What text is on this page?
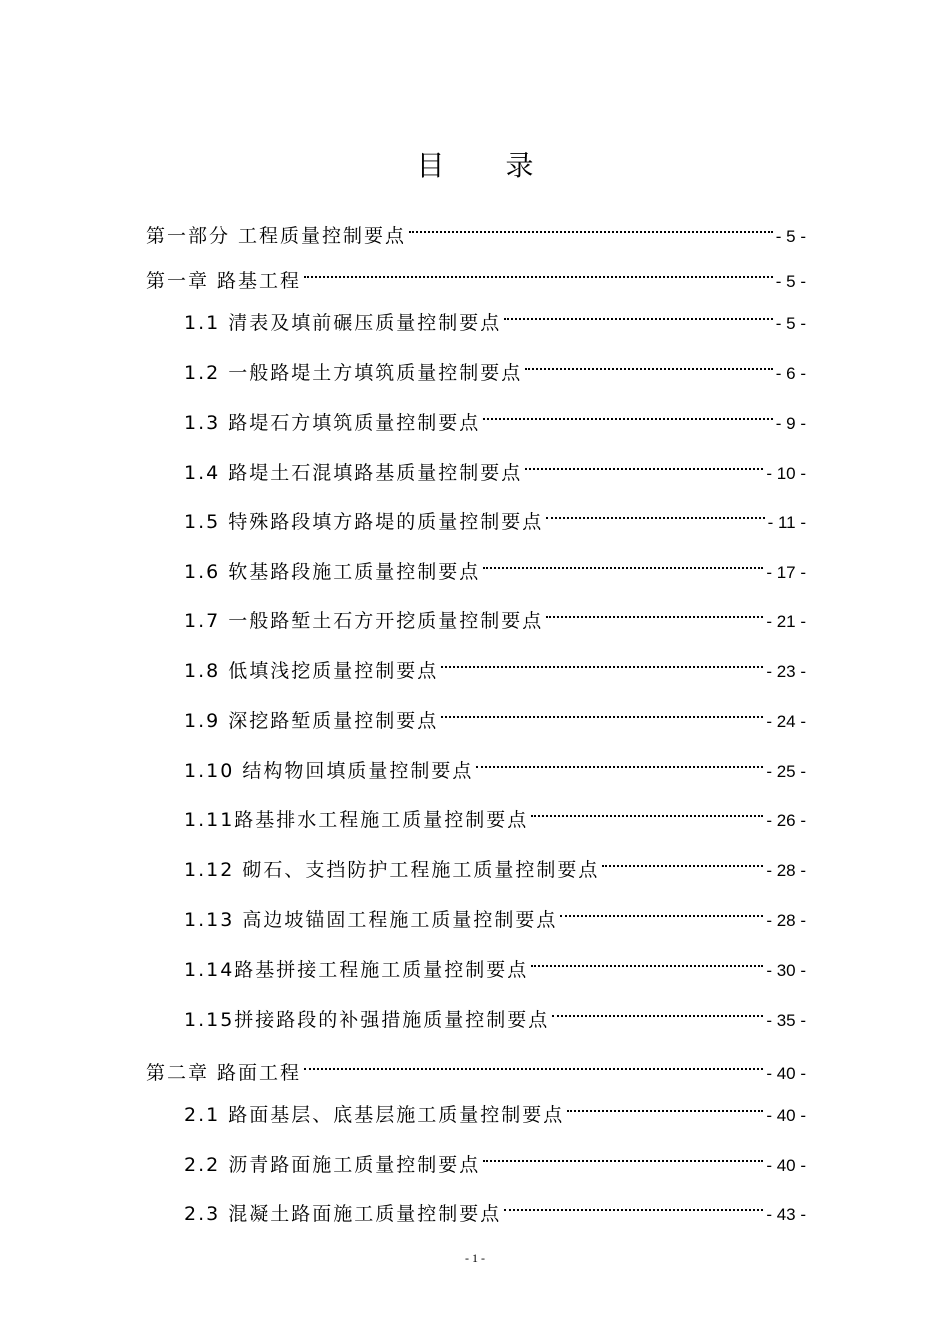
目 录
第一部分 工程质量控制要点	- 5 -
第一章 路基工程	- 5 -
1.1 清表及填前碾压质量控制要点	- 5 -
1.2 一般路堤土方填筑质量控制要点	- 6 -
1.3 路堤石方填筑质量控制要点	- 9 -
1.4 路堤土石混填路基质量控制要点	- 10 -
1.5 特殊路段填方路堤的质量控制要点	- 11 -
1.6 软基路段施工质量控制要点	- 17 -
1.7 一般路堑土石方开挖质量控制要点	- 21 -
1.8 低填浅挖质量控制要点	- 23 -
1.9 深挖路堑质量控制要点	- 24 -
1.10 结构物回填质量控制要点	- 25 -
1.11路基排水工程施工质量控制要点	- 26 -
1.12 砌石、支挡防护工程施工质量控制要点	- 28 -
1.13 高边坡锚固工程施工质量控制要点	- 28 -
1.14路基拼接工程施工质量控制要点	- 30 -
1.15拼接路段的补强措施质量控制要点	- 35 -
第二章 路面工程	- 40 -
2.1 路面基层、底基层施工质量控制要点	- 40 -
2.2 沥青路面施工质量控制要点	- 40 -
2.3 混凝土路面施工质量控制要点	- 43 -
- 1 -
